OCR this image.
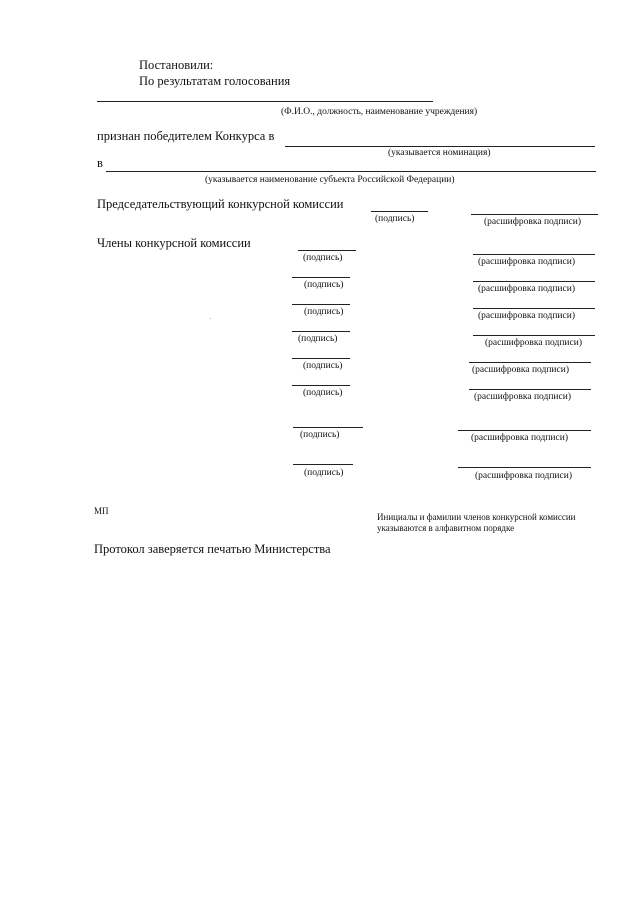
Постановили:
По результатам голосования
(Ф.И.О., должность, наименование учреждения)
признан победителем Конкурса в
(указывается номинация)
в
(указывается наименование субъекта Российской Федерации)
Председательствующий конкурсной комиссии
(подпись)	(расшифровка подписи)
Члены конкурсной комиссии
(подпись)	(расшифровка подписи)
(подпись)	(расшифровка подписи)
(подпись)	(расшифровка подписи)
(подпись)	(расшифровка подписи)
(подпись)	(расшифровка подписи)
(подпись)	(расшифровка подписи)
(подпись)	(расшифровка подписи)
(подпись)	(расшифровка подписи)
МП
Инициалы и фамилии членов конкурсной комиссии
указываются в алфавитном порядке
Протокол заверяется печатью Министерства
